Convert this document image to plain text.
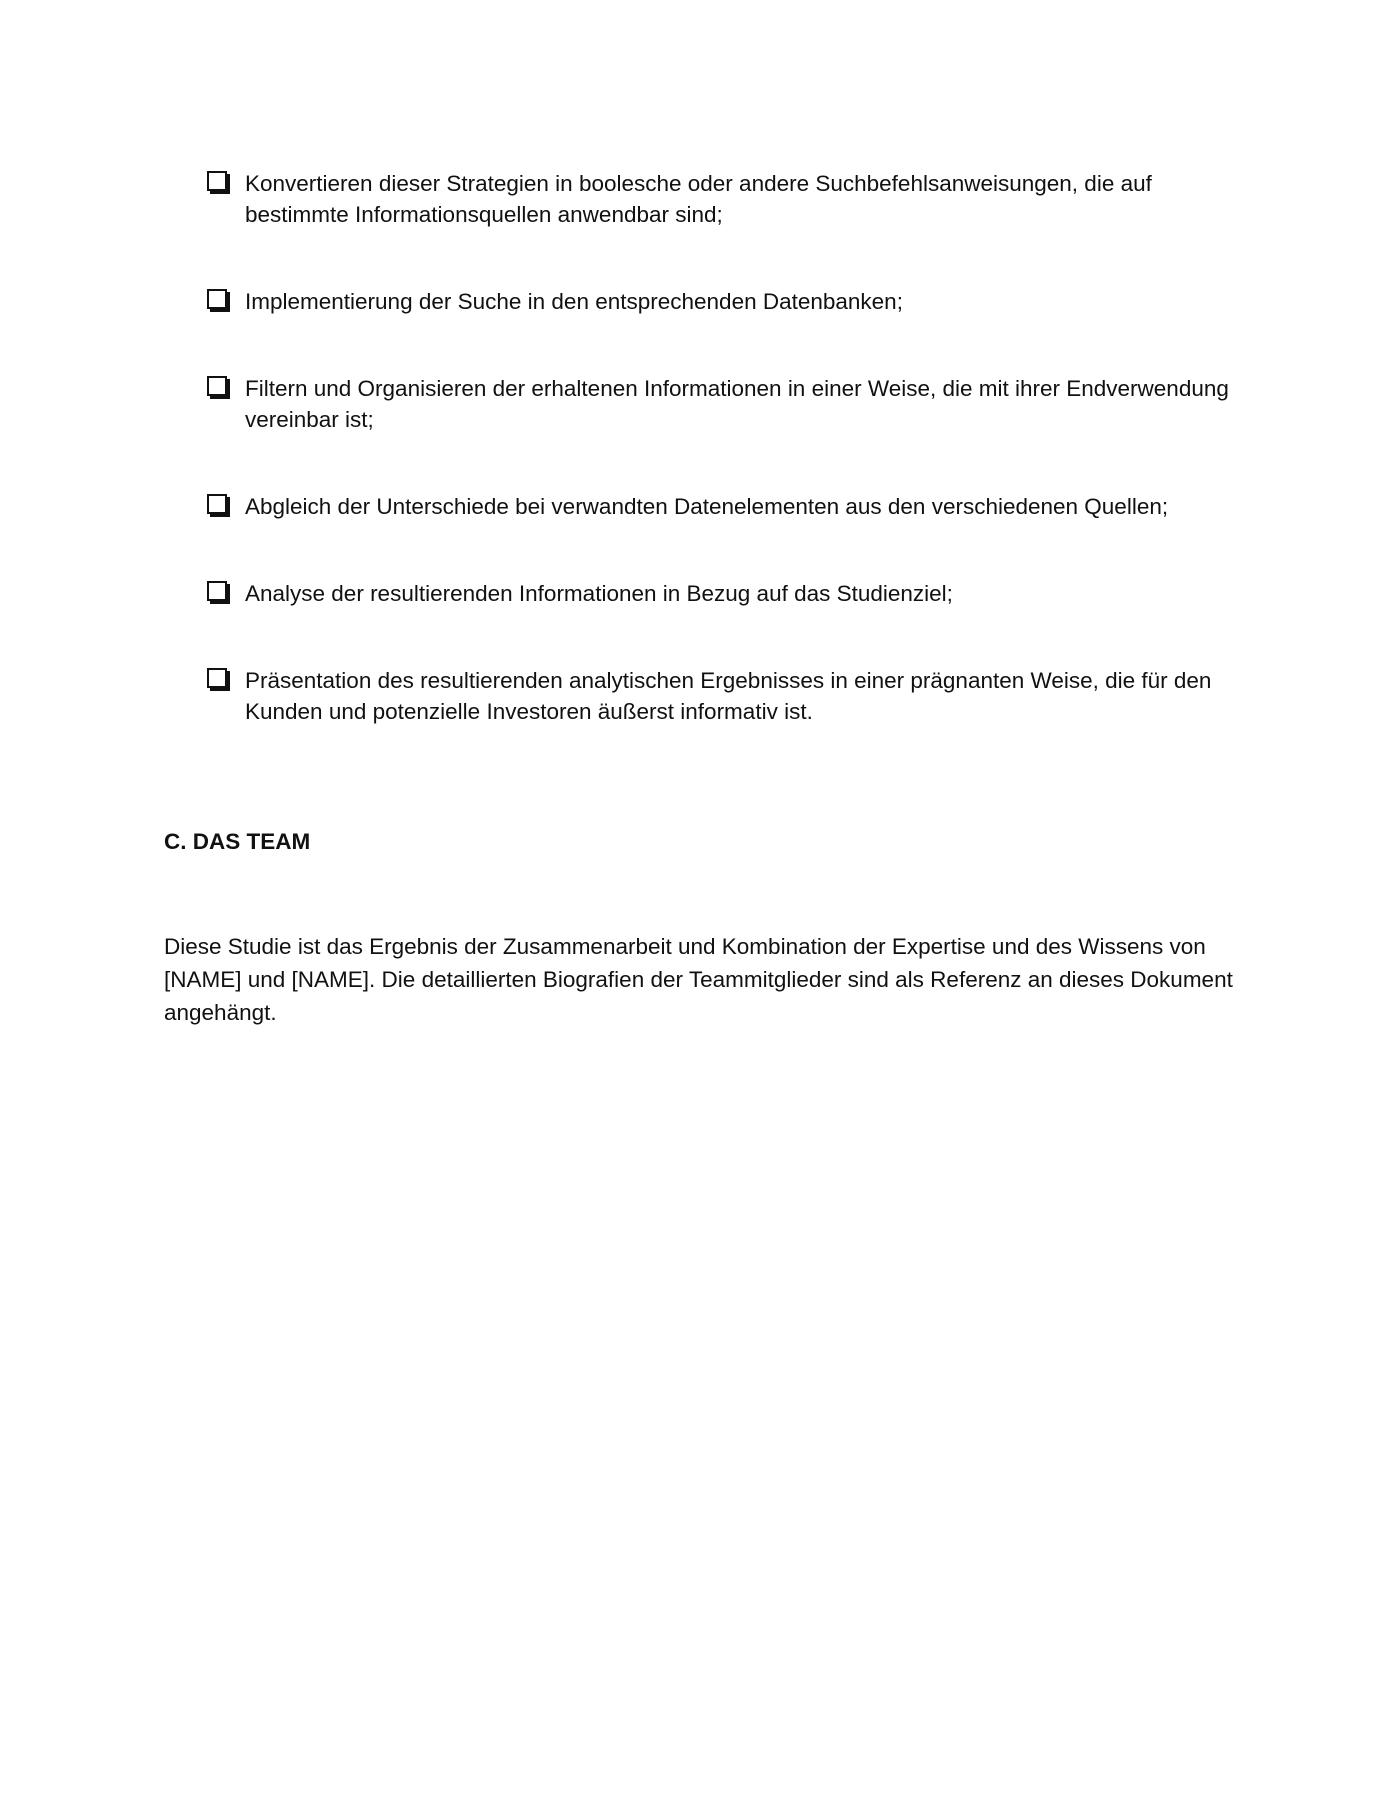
Konvertieren dieser Strategien in boolesche oder andere Suchbefehlsanweisungen, die auf bestimmte Informationsquellen anwendbar sind;
Implementierung der Suche in den entsprechenden Datenbanken;
Filtern und Organisieren der erhaltenen Informationen in einer Weise, die mit ihrer Endverwendung vereinbar ist;
Abgleich der Unterschiede bei verwandten Datenelementen aus den verschiedenen Quellen;
Analyse der resultierenden Informationen in Bezug auf das Studienziel;
Präsentation des resultierenden analytischen Ergebnisses in einer prägnanten Weise, die für den Kunden und potenzielle Investoren äußerst informativ ist.
C. DAS TEAM

Diese Studie ist das Ergebnis der Zusammenarbeit und Kombination der Expertise und des Wissens von [NAME] und [NAME]. Die detaillierten Biografien der Teammitglieder sind als Referenz an dieses Dokument angehängt.
